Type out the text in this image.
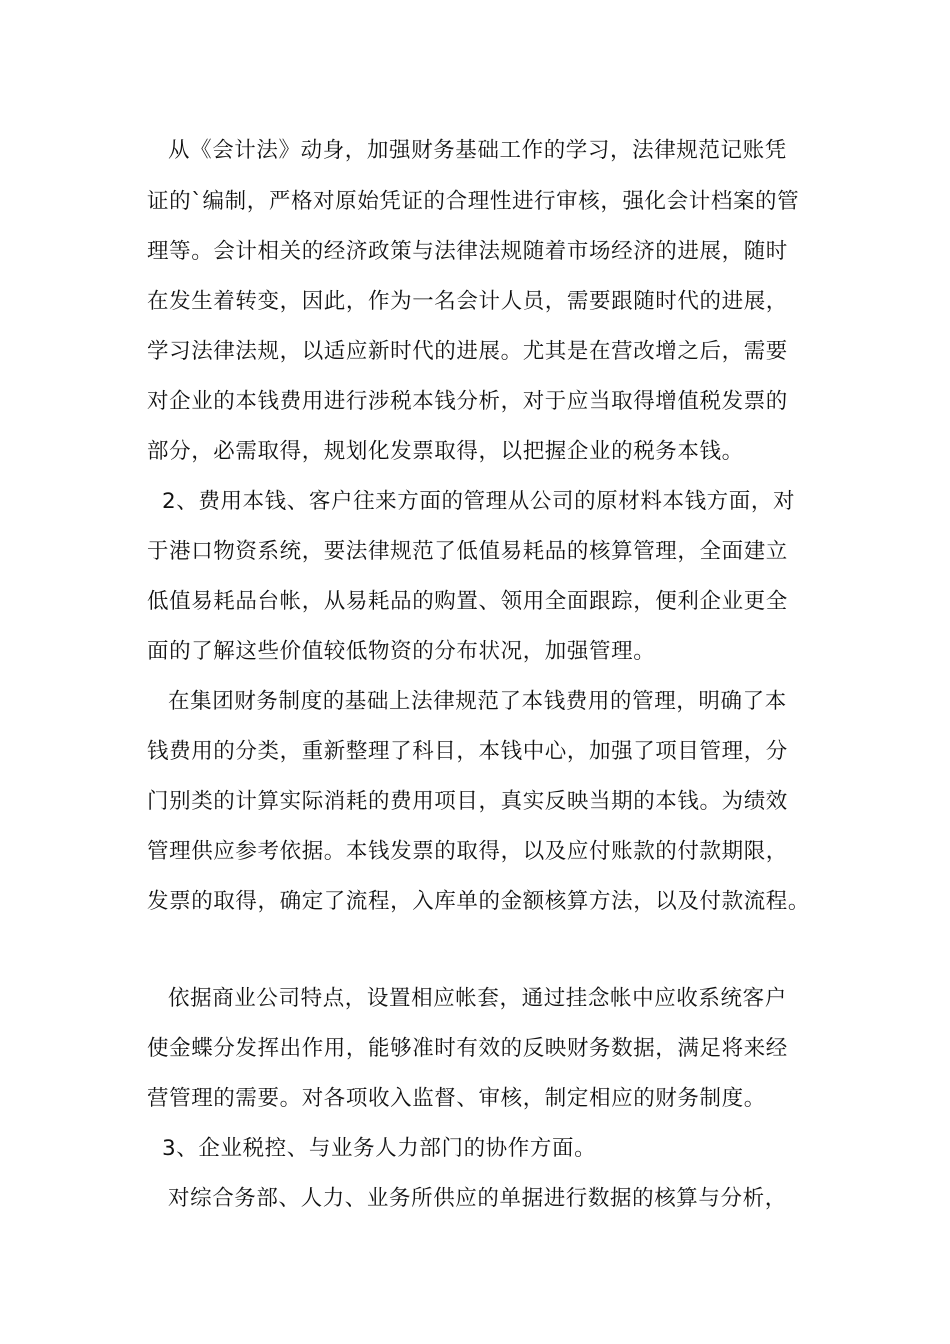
从《会计法》动身，加强财务基础工作的学习，法律规范记账凭
证的`编制，严格对原始凭证的合理性进行审核，强化会计档案的管
理等。会计相关的经济政策与法律法规随着市场经济的进展，随时
在发生着转变，因此，作为一名会计人员，需要跟随时代的进展，
学习法律法规，以适应新时代的进展。尤其是在营改增之后，需要
对企业的本钱费用进行涉税本钱分析，对于应当取得增值税发票的
部分，必需取得，规划化发票取得，以把握企业的税务本钱。
2、费用本钱、客户往来方面的管理从公司的原材料本钱方面，对
于港口物资系统，要法律规范了低值易耗品的核算管理，全面建立
低值易耗品台帐，从易耗品的购置、领用全面跟踪，便利企业更全
面的了解这些价值较低物资的分布状况，加强管理。
在集团财务制度的基础上法律规范了本钱费用的管理，明确了本
钱费用的分类，重新整理了科目，本钱中心，加强了项目管理，分
门别类的计算实际消耗的费用项目，真实反映当期的本钱。为绩效
管理供应参考依据。本钱发票的取得，以及应付账款的付款期限，
发票的取得，确定了流程，入库单的金额核算方法，以及付款流程。
依据商业公司特点，设置相应帐套，通过挂念帐中应收系统客户
使金蝶分发挥出作用，能够准时有效的反映财务数据，满足将来经
营管理的需要。对各项收入监督、审核，制定相应的财务制度。
3、企业税控、与业务人力部门的协作方面。
对综合务部、人力、业务所供应的单据进行数据的核算与分析，
